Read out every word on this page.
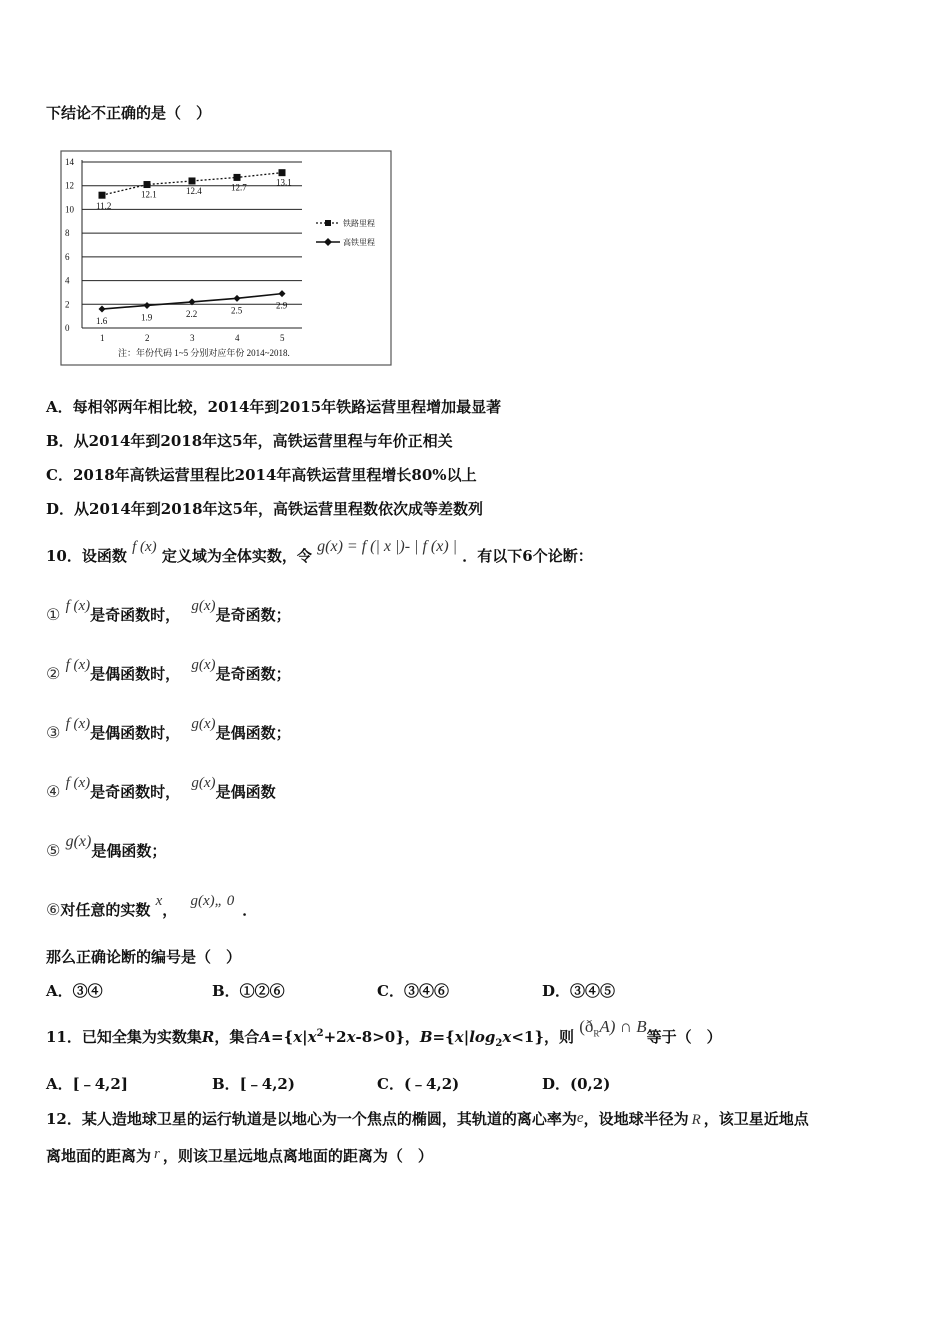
下结论不正确的是（　）
0
2
4
6
8
10
12
14
1	2	3	4	5
11.2
12.1	12.4	12.7	13.1
1.6	1.9	2.2	2.5	2.9
铁路里程
高铁里程
注：年份代码 1~5 分别对应年份 2014~2018.
A．每相邻两年相比较，2014年到2015年铁路运营里程增加最显著
B．从2014年到2018年这5年，高铁运营里程与年价正相关
C．2018年高铁运营里程比2014年高铁运营里程增长80%以上
D．从2014年到2018年这5年，高铁运营里程数依次成等差数列
10．设函数 f (x) 定义域为全体实数，令 g(x) = f (| x |)- | f (x) | ．有以下6个论断：
① f (x)是奇函数时， g(x)是奇函数；
② f (x)是偶函数时， g(x)是奇函数；
③ f (x)是偶函数时， g(x)是偶函数；
④ f (x)是奇函数时， g(x)是偶函数
⑤ g(x)是偶函数；
⑥对任意的实数 x， g(x)„ 0 ．
那么正确论断的编号是（　）
A．③④	B．①②⑥	C．③④⑥	D．③④⑤
11．已知全集为实数集R，集合$A=\{x|x^2+2x-8>0\}$，$B=\{x|\log_2x<1\}$，则 $(ð_RA)$ ∩ B等于（　）
A．[﹣4,2]	B．[﹣4,2)	C．(﹣4,2)	D．(0,2)
12．某人造地球卫星的运行轨道是以地心为一个焦点的椭圆，其轨道的离心率为e，设地球半径为 R ，该卫星近地点
离地面的距离为 r ，则该卫星远地点离地面的距离为（　）
